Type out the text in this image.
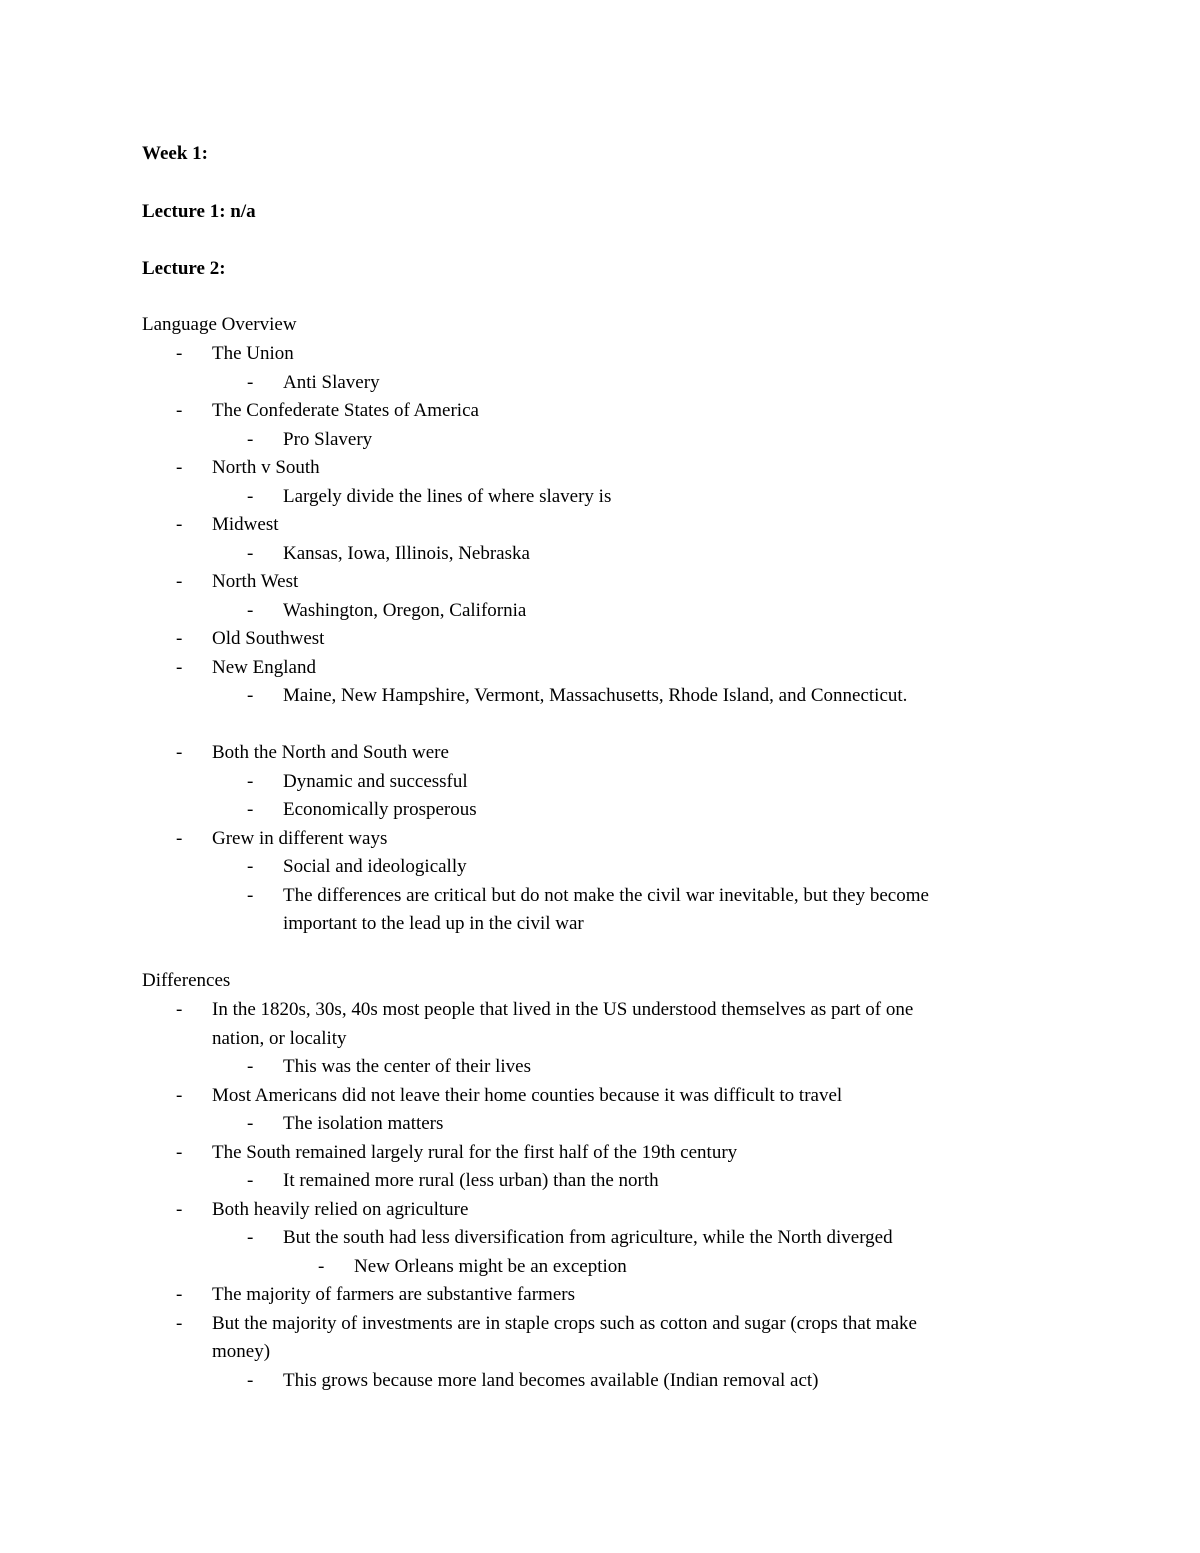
Week 1:
Lecture 1: n/a
Lecture 2:
Language Overview
- The Union
- Anti Slavery
- The Confederate States of America
- Pro Slavery
- North v South
- Largely divide the lines of where slavery is
- Midwest
- Kansas, Iowa, Illinois, Nebraska
- North West
- Washington, Oregon, California
- Old Southwest
- New England
- Maine, New Hampshire, Vermont, Massachusetts, Rhode Island, and Connecticut.
- Both the North and South were
- Dynamic and successful
- Economically prosperous
- Grew in different ways
- Social and ideologically
- The differences are critical but do not make the civil war inevitable, but they become
important to the lead up in the civil war
Differences
- In the 1820s, 30s, 40s most people that lived in the US understood themselves as part of one
nation, or locality
- This was the center of their lives
- Most Americans did not leave their home counties because it was difficult to travel
- The isolation matters
- The South remained largely rural for the first half of the 19th century
- It remained more rural (less urban) than the north
- Both heavily relied on agriculture
- But the south had less diversification from agriculture, while the North diverged
- New Orleans might be an exception
- The majority of farmers are substantive farmers
- But the majority of investments are in staple crops such as cotton and sugar (crops that make
money)
- This grows because more land becomes available (Indian removal act)
